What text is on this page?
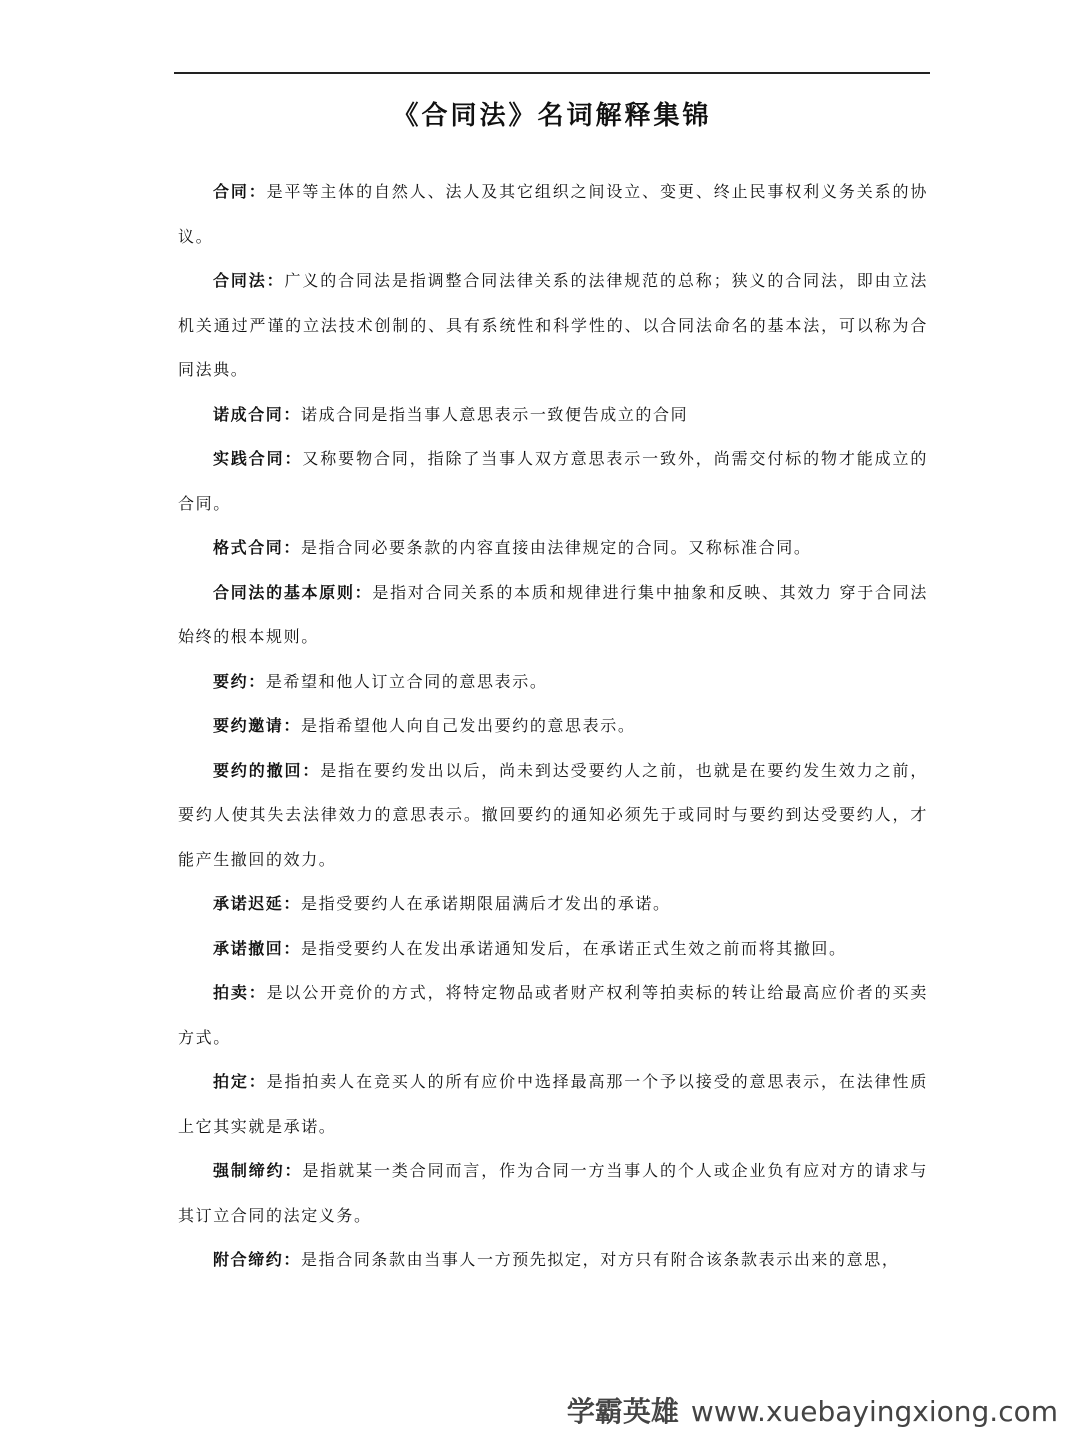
《合同法》名词解释集锦

合同：是平等主体的自然人、法人及其它组织之间设立、变更、终止民事权利义务关系的协议。

合同法：广义的合同法是指调整合同法律关系的法律规范的总称；狭义的合同法，即由立法机关通过严谨的立法技术创制的、具有系统性和科学性的、以合同法命名的基本法，可以称为合同法典。

诺成合同：诺成合同是指当事人意思表示一致便告成立的合同

实践合同：又称要物合同，指除了当事人双方意思表示一致外，尚需交付标的物才能成立的合同。

格式合同：是指合同必要条款的内容直接由法律规定的合同。又称标准合同。

合同法的基本原则：是指对合同关系的本质和规律进行集中抽象和反映、其效力 穿于合同法始终的根本规则。

要约：是希望和他人订立合同的意思表示。

要约邀请：是指希望他人向自己发出要约的意思表示。

要约的撤回：是指在要约发出以后，尚未到达受要约人之前，也就是在要约发生效力之前，要约人使其失去法律效力的意思表示。撤回要约的通知必须先于或同时与要约到达受要约人，才能产生撤回的效力。

承诺迟延：是指受要约人在承诺期限届满后才发出的承诺。

承诺撤回：是指受要约人在发出承诺通知发后，在承诺正式生效之前而将其撤回。

拍卖：是以公开竞价的方式，将特定物品或者财产权利等拍卖标的转让给最高应价者的买卖方式。

拍定：是指拍卖人在竞买人的所有应价中选择最高那一个予以接受的意思表示，在法律性质上它其实就是承诺。

强制缔约：是指就某一类合同而言，作为合同一方当事人的个人或企业负有应对方的请求与其订立合同的法定义务。

附合缔约：是指合同条款由当事人一方预先拟定，对方只有附合该条款表示出来的意思，

学霸英雄 www.xuebayingxiong.com
